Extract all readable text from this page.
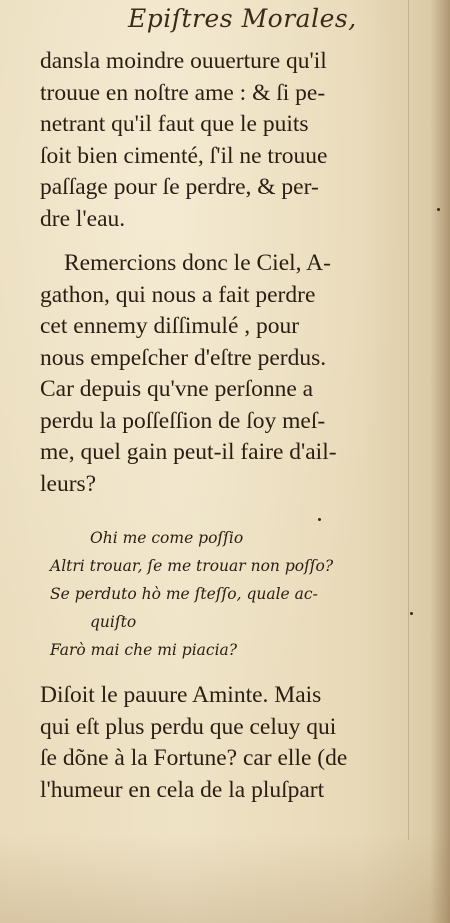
Epiſtres Morales,
dansla moindre ouuerture qu'il
trouue en noſtre ame : & ſi pe-
netrant qu'il faut que le puits
ſoit bien cimenté, ſ'il ne trouue
paſſage pour ſe perdre, & per-
dre l'eau.
Remercions donc le Ciel, A-
gathon, qui nous a fait perdre
cet ennemy diſſimulé , pour
nous empeſcher d'eſtre perdus.
Car depuis qu'vne perſonne a
perdu la poſſeſſion de ſoy meſ-
me, quel gain peut-il faire d'ail-
leurs?
Ohi me come poſſio
Altri trouar, ſe me trouar non poſſo?
Se perduto hò me ſteſſo, quale ac-
quiſto
Farò mai che mi piacia?
Diſoit le pauure Aminte. Mais
qui eſt plus perdu que celuy qui
ſe dõne à la Fortune? car elle (de
l'humeur en cela de la pluſpart
